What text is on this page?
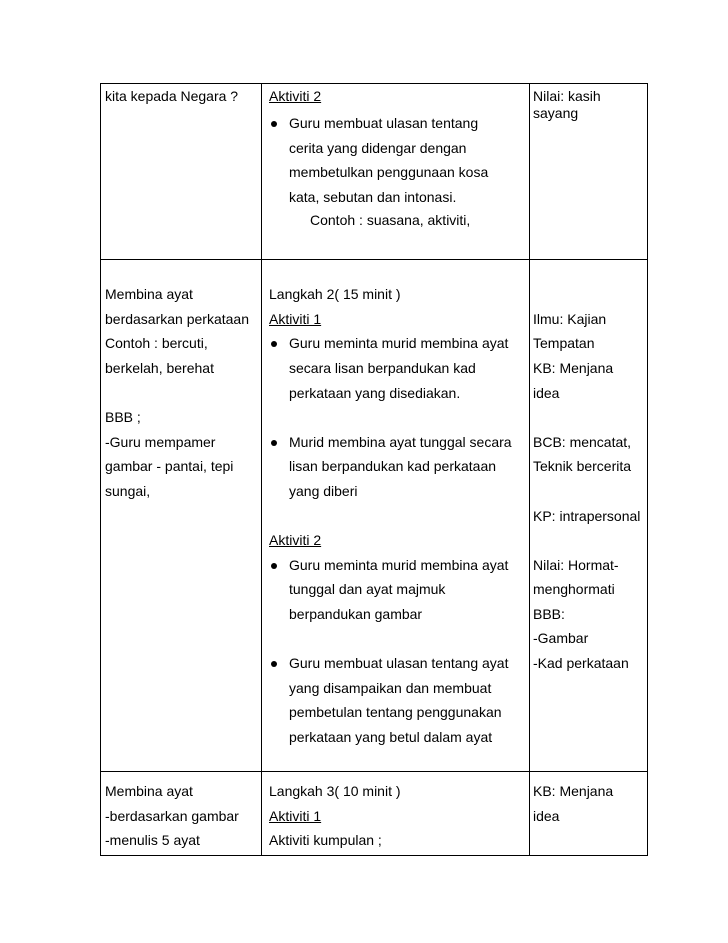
kita kepada Negara ? Aktiviti 2
Guru membuat ulasan tentang
cerita yang didengar dengan
membetulkan penggunaan kosa
kata, sebutan dan intonasi.
Contoh : suasana, aktiviti,
Nilai: kasih
sayang
Membina ayat
berdasarkan perkataan
Contoh : bercuti,
berkelah, berehat
BBB ;
-Guru mempamer
gambar - pantai, tepi
sungai,
Langkah 2( 15 minit )
Aktiviti 1
Guru meminta murid membina ayat
secara lisan berpandukan kad
perkataan yang disediakan.
Murid membina ayat tunggal secara
lisan berpandukan kad perkataan
yang diberi
Aktiviti 2
Guru meminta murid membina ayat
tunggal dan ayat majmuk
berpandukan gambar
Guru membuat ulasan tentang ayat
yang disampaikan dan membuat
pembetulan tentang penggunakan
perkataan yang betul dalam ayat
Ilmu: Kajian
Tempatan
KB: Menjana
idea
BCB: mencatat,
Teknik bercerita
KP: intrapersonal
Nilai: Hormat-
menghormati
BBB:
-Gambar
-Kad perkataan
Membina ayat
-berdasarkan gambar
-menulis 5 ayat
Langkah 3( 10 minit )
Aktiviti 1
Aktiviti kumpulan ;
KB: Menjana
idea
